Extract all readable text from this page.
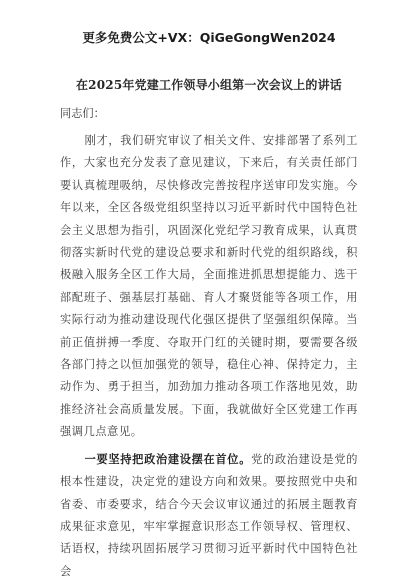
更多免费公文+VX：QiGeGongWen2024
在2025年党建工作领导小组第一次会议上的讲话
同志们：

刚才，我们研究审议了相关文件、安排部署了系列工作，大家也充分发表了意见建议，下来后，有关责任部门要认真梳理吸纳，尽快修改完善按程序送审印发实施。今年以来，全区各级党组织坚持以习近平新时代中国特色社会主义思想为指引，巩固深化党纪学习教育成果，认真贯彻落实新时代党的建设总要求和新时代党的组织路线，积极融入服务全区工作大局，全面推进抓思想提能力、选干部配班子、强基层打基础、育人才聚贤能等各项工作，用实际行动为推动建设现代化强区提供了坚强组织保障。当前正值拼搏一季度、夺取开门红的关键时期，要需要各级各部门持之以恒加强党的领导，稳住心神、保持定力，主动作为、勇于担当，加劲加力推动各项工作落地见效，助推经济社会高质量发展。下面，我就做好全区党建工作再强调几点意见。

一要坚持把政治建设摆在首位。党的政治建设是党的根本性建设，决定党的建设方向和效果。要按照党中央和省委、市委要求，结合今天会议审议通过的拓展主题教育成果征求意见，牢牢掌握意识形态工作领导权、管理权、话语权，持续巩固拓展学习贯彻习近平新时代中国特色社会
